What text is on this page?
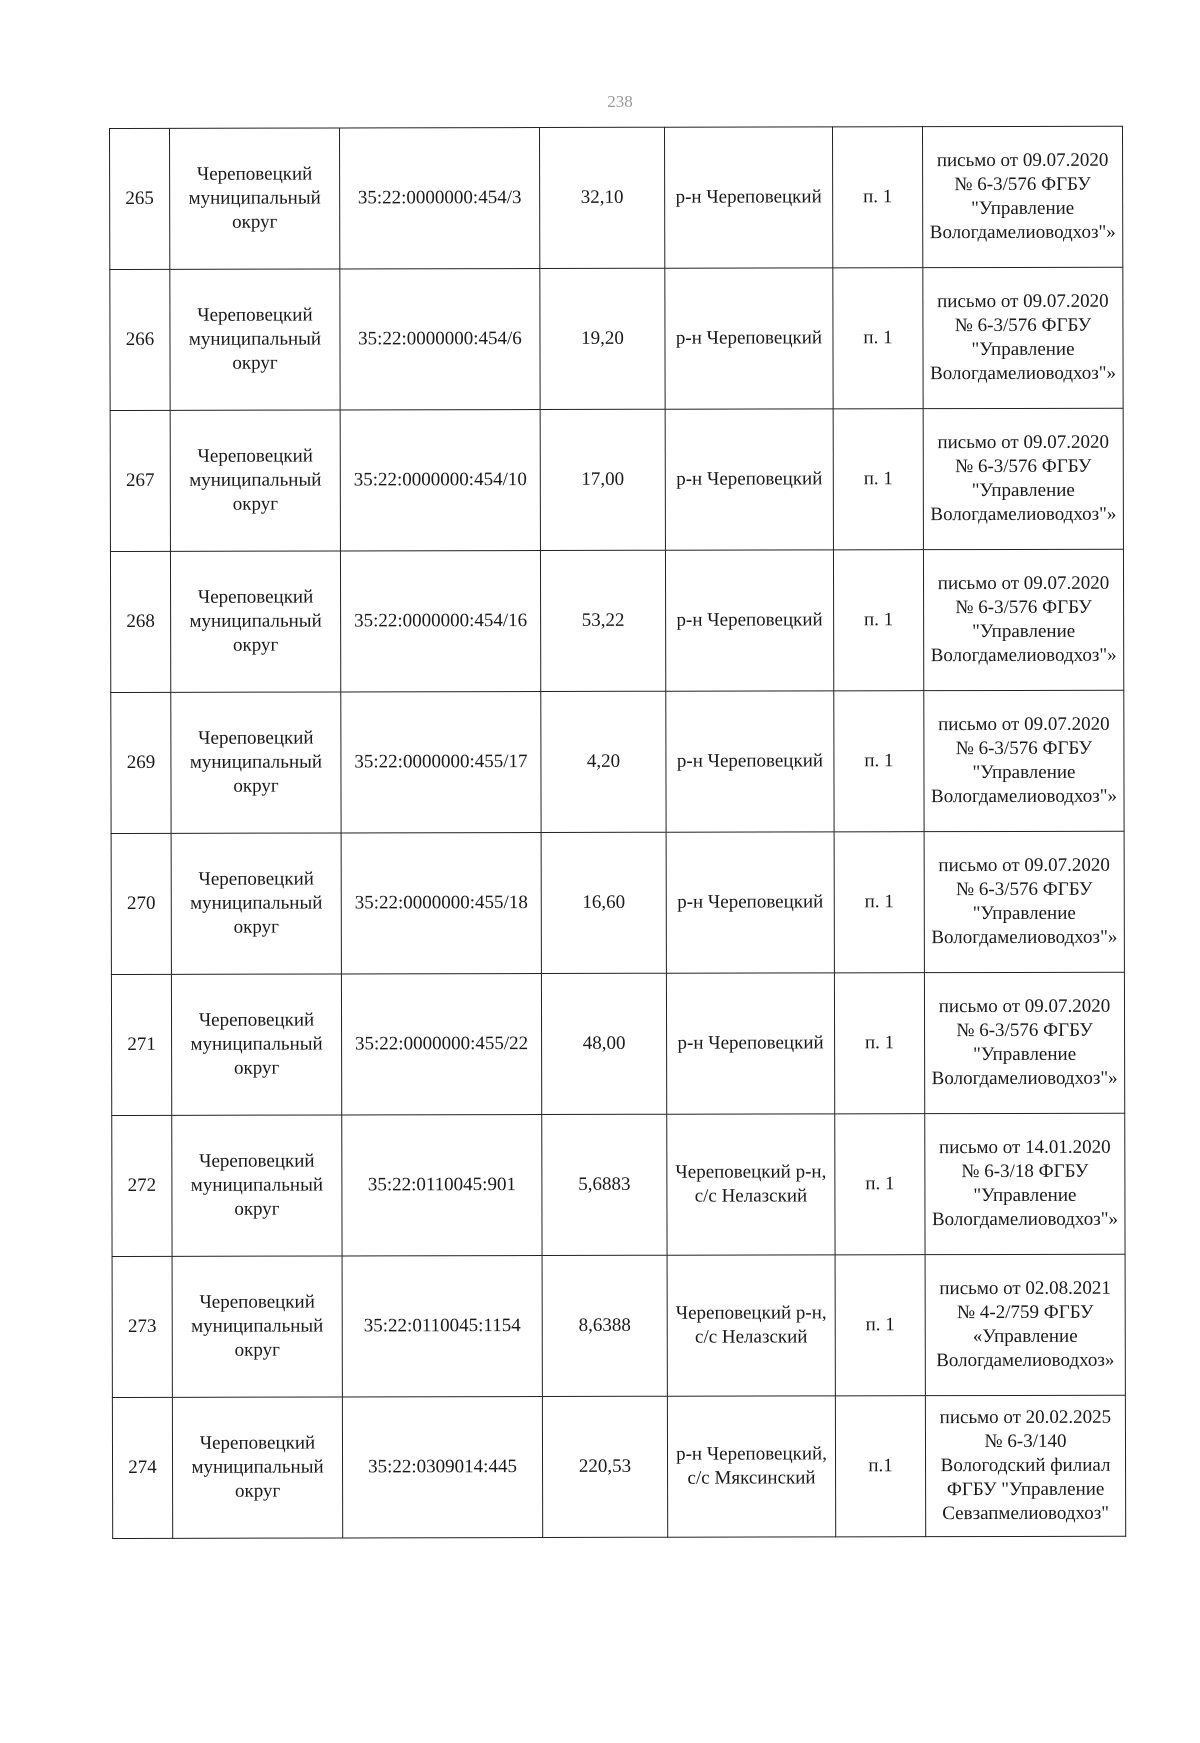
238
265	Череповецкий муниципальный округ	35:22:0000000:454/3	32,10	р-н Череповецкий	п. 1	письмо от 09.07.2020 № 6-3/576 ФГБУ "Управление Вологдамелиоводхоз"»
266	Череповецкий муниципальный округ	35:22:0000000:454/6	19,20	р-н Череповецкий	п. 1	письмо от 09.07.2020 № 6-3/576 ФГБУ "Управление Вологдамелиоводхоз"»
267	Череповецкий муниципальный округ	35:22:0000000:454/10	17,00	р-н Череповецкий	п. 1	письмо от 09.07.2020 № 6-3/576 ФГБУ "Управление Вологдамелиоводхоз"»
268	Череповецкий муниципальный округ	35:22:0000000:454/16	53,22	р-н Череповецкий	п. 1	письмо от 09.07.2020 № 6-3/576 ФГБУ "Управление Вологдамелиоводхоз"»
269	Череповецкий муниципальный округ	35:22:0000000:455/17	4,20	р-н Череповецкий	п. 1	письмо от 09.07.2020 № 6-3/576 ФГБУ "Управление Вологдамелиоводхоз"»
270	Череповецкий муниципальный округ	35:22:0000000:455/18	16,60	р-н Череповецкий	п. 1	письмо от 09.07.2020 № 6-3/576 ФГБУ "Управление Вологдамелиоводхоз"»
271	Череповецкий муниципальный округ	35:22:0000000:455/22	48,00	р-н Череповецкий	п. 1	письмо от 09.07.2020 № 6-3/576 ФГБУ "Управление Вологдамелиоводхоз"»
272	Череповецкий муниципальный округ	35:22:0110045:901	5,6883	Череповецкий р-н, с/с Нелазский	п. 1	письмо от 14.01.2020 № 6-3/18 ФГБУ "Управление Вологдамелиоводхоз"»
273	Череповецкий муниципальный округ	35:22:0110045:1154	8,6388	Череповецкий р-н, с/с Нелазский	п. 1	письмо от 02.08.2021 № 4-2/759 ФГБУ «Управление Вологдамелиоводхоз»
274	Череповецкий муниципальный округ	35:22:0309014:445	220,53	р-н Череповецкий, с/с Мяксинский	п.1	письмо от 20.02.2025 № 6-3/140 Вологодский филиал ФГБУ "Управление Севзапмелиоводхоз"
